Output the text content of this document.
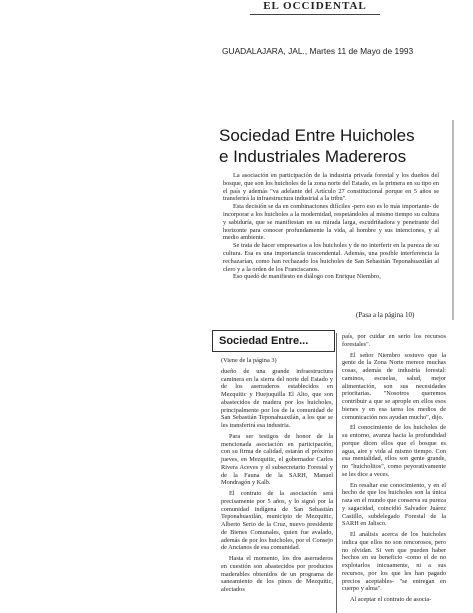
EL OCCIDENTAL
GUADALAJARA, JAL., Martes 11 de Mayo de 1993
Sociedad Entre Huicholes
e Industriales Madereros

La asociación en participación de la industria privada forestal y los dueños del bosque, que son los huicholes de la zona norte del Estado, es la primera en su tipo en el país y además "va adelante del Artículo 27 constitucional porque en 5 años se transferirá la infraestructura industrial a la tribu".

Esta decisión se da en combinaciones difíciles -pero eso es lo más importante- de incorporar a los huicholes a la modernidad, respetándoles al mismo tiempo su cultura y sabiduría, que se manifiestan en su mirada larga, escudriñadora y penetrante del horizonte para conocer profundamente la vida, al hombre y sus intenciones, y al medio ambiente.

Se trata de hacer empresarios a los huicholes y de no interferir en la pureza de su cultura. Esa es una importancia trascendental. Además, una posible interferencia la rechazarían, como han rechazado los huicholes de San Sebastián Teponahuaxtlán al clero y a la orden de los Franciscanos.

Eso quedó de manifiesto en diálogo con Enrique Niembro,

(Pasa a la página 10)
Sociedad Entre...

(Viene de la página 3)

dueño de una grande infraestructura caminera en la sierra del norte del Estado y de los aserraderos establecidos en Mezquitic y Huejuquilla El Alto, que son abastecidos de madera por los huicholes, principalmente por los de la comunidad de San Sebastián Teponahuaxtlán, a los que se les transferirá esa industria.

Para ser testigos de honor de la mencionada asociación en participación, con su firma de calidad, estarán el próximo jueves, en Mezquitic, el gobernador Carlos Rivera Aceves y el subsecretario Forestal y de la Fauna de la SARH, Manuel Mondragón y Kalb.

El contrato de la asociación será precisamente por 5 años, y lo signó por la comunidad indígena de San Sebastián Teponahuaxtlán, municipio de Mezquitic, Alberto Serio de la Cruz, nuevo presidente de Bienes Comunales, quien fue avalado, además de por los huicholes, por el Consejo de Ancianos de esa comunidad.

Hasta el momento, los dos aserraderos en cuestión son abastecidos por productos maderables obtenidos de un programa de saneamiento de los pinos de Mezquitic, afectados

país, por cuidar en serio los recursos forestales".

El señor Niembro sostuvo que la gente de la Zona Norte merece muchas cosas, además de industria forestal: caminos, escuelas, salud, mejor alimentación, son sus necesidades prioritarias. "Nosotros queremos contribuir a que se aprople en ellos esos bienes y en esa tarea los medios de comunicación nos ayudan mucho", dijo.

El conocimiento de los huicholes de su entorno, avanza hacia la profundidad porque dicen ellos que el bosque es agua, aire y vida al mismo tiempo. Con esa mentalidad, ellos son gente grande, no "huicholitos", como peyorativamente se les dice a veces.

En resaltar ese conocimiento, y en el hecho de que los huicholes son la única raza en el mundo que conserva su pureza y sagacidad, coincidió Salvador Juárez Castillo, subdelegado Forestal de la SARH en Jalisco.

El análisis acerca de los huicholes indica que ellos no son rencorosos, pero no olvidan. Si ven que pueden haber hechos en su beneficio -como el de no explotarlos inicuamente, ni a sus recursos, por los que les han pagado precios aceptables- "se entregan en cuerpo y alma".

Al aceptar el contrato de asocia-
